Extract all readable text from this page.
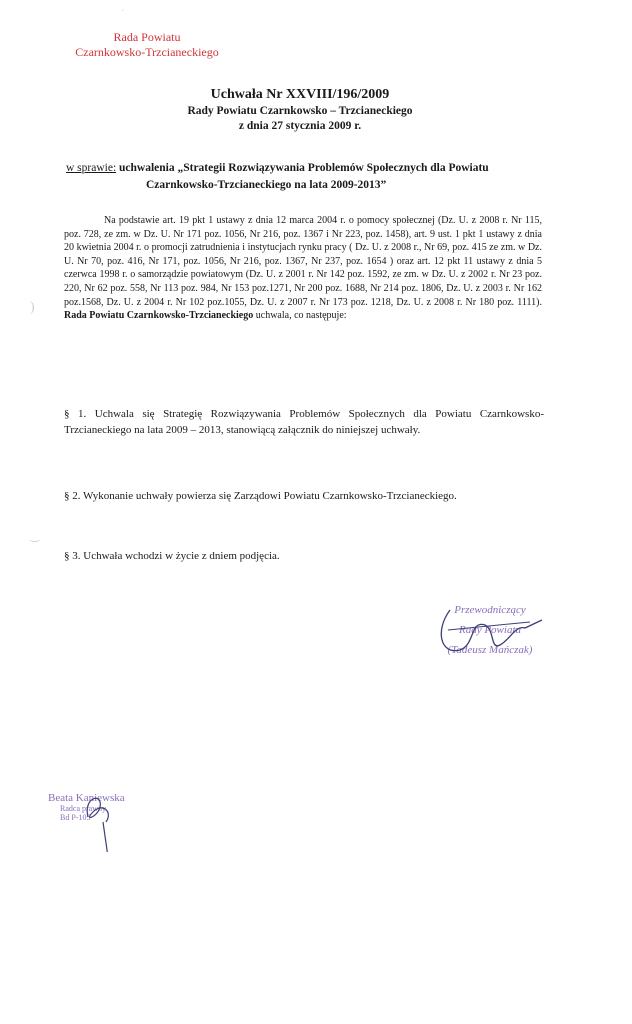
Rada Powiatu
Czarnkowsko-Trzcianeckiego
'
Uchwała Nr XXVIII/196/2009
Rady Powiatu Czarnkowsko – Trzcianeckiego
z dnia 27 stycznia 2009 r.
w sprawie: uchwalenia „Strategii Rozwiązywania Problemów Społecznych dla Powiatu
Czarnkowsko-Trzcianeckiego na lata 2009-2013”
Na podstawie art. 19 pkt 1 ustawy z dnia 12 marca 2004 r. o pomocy społecznej (Dz. U. z 2008 r. Nr 115, poz. 728, ze zm. w Dz. U. Nr 171 poz. 1056, Nr 216, poz. 1367 i Nr 223, poz. 1458), art. 9 ust. 1 pkt 1 ustawy z dnia 20 kwietnia 2004 r. o promocji zatrudnienia i instytucjach rynku pracy ( Dz. U. z 2008 r., Nr 69, poz. 415 ze zm. w Dz. U. Nr 70, poz. 416, Nr 171, poz. 1056, Nr 216, poz. 1367, Nr 237, poz. 1654 ) oraz art. 12 pkt 11 ustawy z dnia 5 czerwca 1998 r. o samorządzie powiatowym (Dz. U. z 2001 r. Nr 142 poz. 1592, ze zm. w Dz. U. z 2002 r. Nr 23 poz. 220, Nr 62 poz. 558, Nr 113 poz. 984, Nr 153 poz.1271, Nr 200 poz. 1688, Nr 214 poz. 1806, Dz. U. z 2003 r. Nr 162 poz.1568, Dz. U. z 2004 r. Nr 102 poz.1055, Dz. U. z 2007 r. Nr 173 poz. 1218, Dz. U. z 2008 r. Nr 180 poz. 1111). Rada Powiatu Czarnkowsko-Trzcianeckiego uchwala, co następuje:
)
‿
§ 1. Uchwala się Strategię Rozwiązywania Problemów Społecznych dla Powiatu Czarnkowsko-Trzcianeckiego na lata 2009 – 2013, stanowiącą załącznik do niniejszej uchwały.
§ 2. Wykonanie uchwały powierza się Zarządowi Powiatu Czarnkowsko-Trzcianeckiego.
§ 3. Uchwała wchodzi w życie z dniem podjęcia.
Przewodniczący
Rady Powiatu
(Tadeusz Mańczak)
Beata Kaniewska
Radca prawny
Bd P-105
